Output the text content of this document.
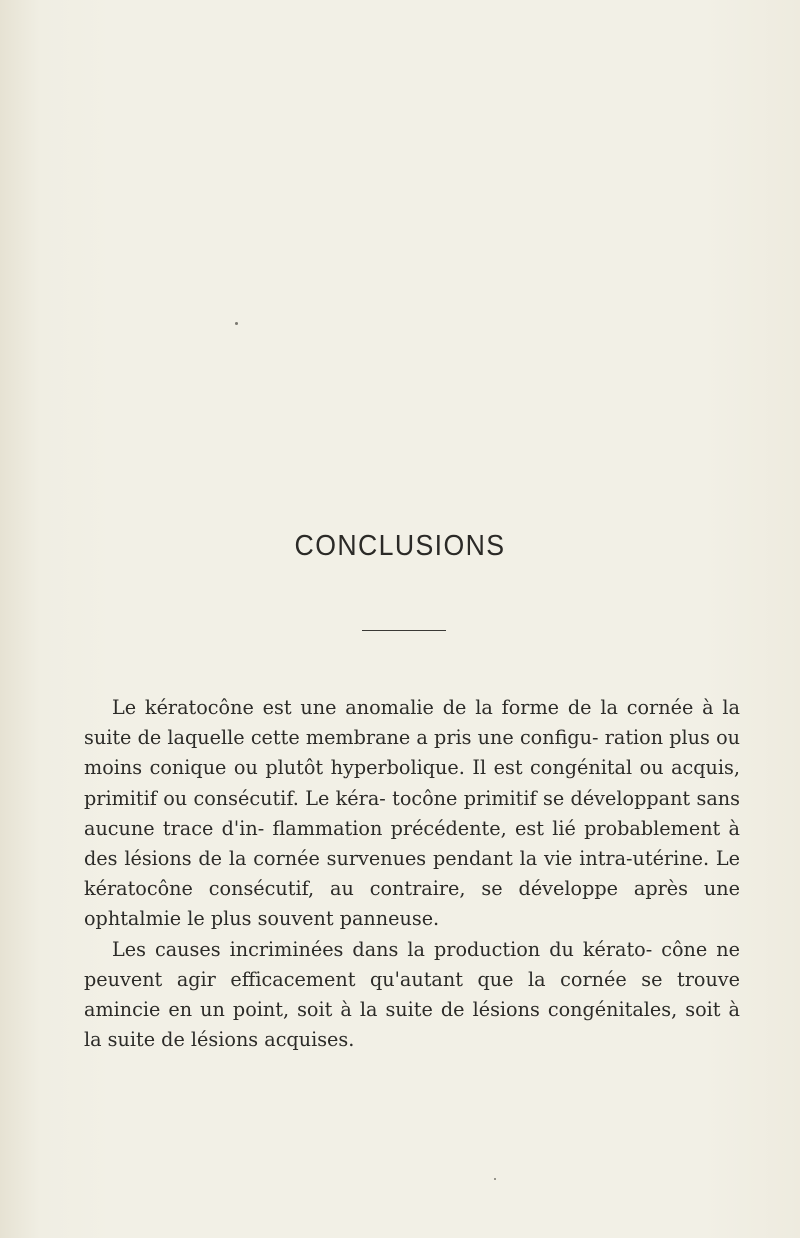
CONCLUSIONS

Le kératocône est une anomalie de la forme de la cornée à la suite de laquelle cette membrane a pris une configu- ration plus ou moins conique ou plutôt hyperbolique. Il est congénital ou acquis, primitif ou consécutif. Le kéra- tocône primitif se développant sans aucune trace d'in- flammation précédente, est lié probablement à des lésions de la cornée survenues pendant la vie intra-utérine. Le kératocône consécutif, au contraire, se développe après une ophtalmie le plus souvent panneuse.

Les causes incriminées dans la production du kérato- cône ne peuvent agir efficacement qu'autant que la cornée se trouve amincie en un point, soit à la suite de lésions congénitales, soit à la suite de lésions acquises.
